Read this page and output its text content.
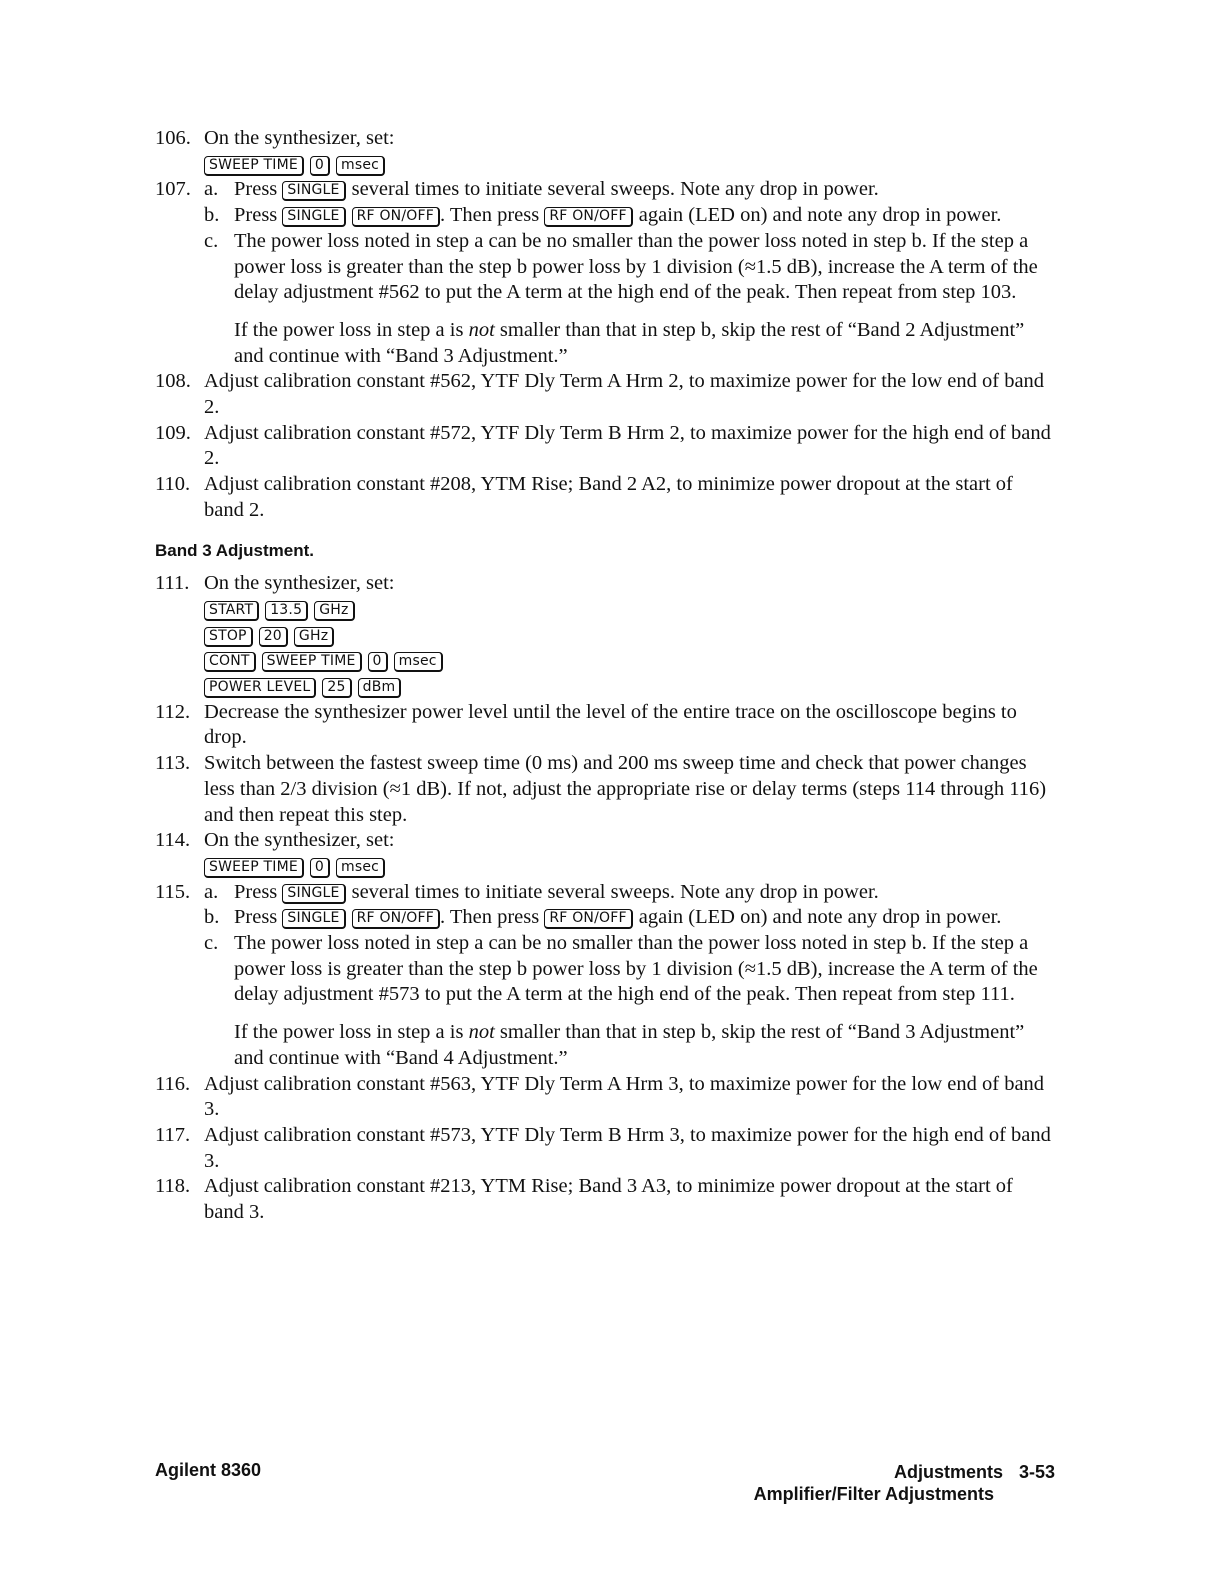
106. On the synthesizer, set:
SWEEP TIME 0 msec
107. a. Press SINGLE several times to initiate several sweeps. Note any drop in power.
b. Press SINGLE RF ON/OFF . Then press RF ON/OFF again (LED on) and note any drop in power.
c. The power loss noted in step a can be no smaller than the power loss noted in step b. If the step a power loss is greater than the step b power loss by 1 division (≈1.5 dB), increase the A term of the delay adjustment #562 to put the A term at the high end of the peak. Then repeat from step 103.
If the power loss in step a is not smaller than that in step b, skip the rest of “Band 2 Adjustment” and continue with “Band 3 Adjustment.”
108. Adjust calibration constant #562, YTF Dly Term A Hrm 2, to maximize power for the low end of band 2.
109. Adjust calibration constant #572, YTF Dly Term B Hrm 2, to maximize power for the high end of band 2.
110. Adjust calibration constant #208, YTM Rise; Band 2 A2, to minimize power dropout at the start of band 2.
Band 3 Adjustment.
111. On the synthesizer, set:
START 13.5 GHz
STOP 20 GHz
CONT SWEEP TIME 0 msec
POWER LEVEL 25 dBm
112. Decrease the synthesizer power level until the level of the entire trace on the oscilloscope begins to drop.
113. Switch between the fastest sweep time (0 ms) and 200 ms sweep time and check that power changes less than 2/3 division (≈1 dB). If not, adjust the appropriate rise or delay terms (steps 114 through 116) and then repeat this step.
114. On the synthesizer, set:
SWEEP TIME 0 msec
115. a. Press SINGLE several times to initiate several sweeps. Note any drop in power.
b. Press SINGLE RF ON/OFF . Then press RF ON/OFF again (LED on) and note any drop in power.
c. The power loss noted in step a can be no smaller than the power loss noted in step b. If the step a power loss is greater than the step b power loss by 1 division (≈1.5 dB), increase the A term of the delay adjustment #573 to put the A term at the high end of the peak. Then repeat from step 111.
If the power loss in step a is not smaller than that in step b, skip the rest of “Band 3 Adjustment” and continue with “Band 4 Adjustment.”
116. Adjust calibration constant #563, YTF Dly Term A Hrm 3, to maximize power for the low end of band 3.
117. Adjust calibration constant #573, YTF Dly Term B Hrm 3, to maximize power for the high end of band 3.
118. Adjust calibration constant #213, YTM Rise; Band 3 A3, to minimize power dropout at the start of band 3.
Agilent 8360	Adjustments 3-53
Amplifier/Filter Adjustments
